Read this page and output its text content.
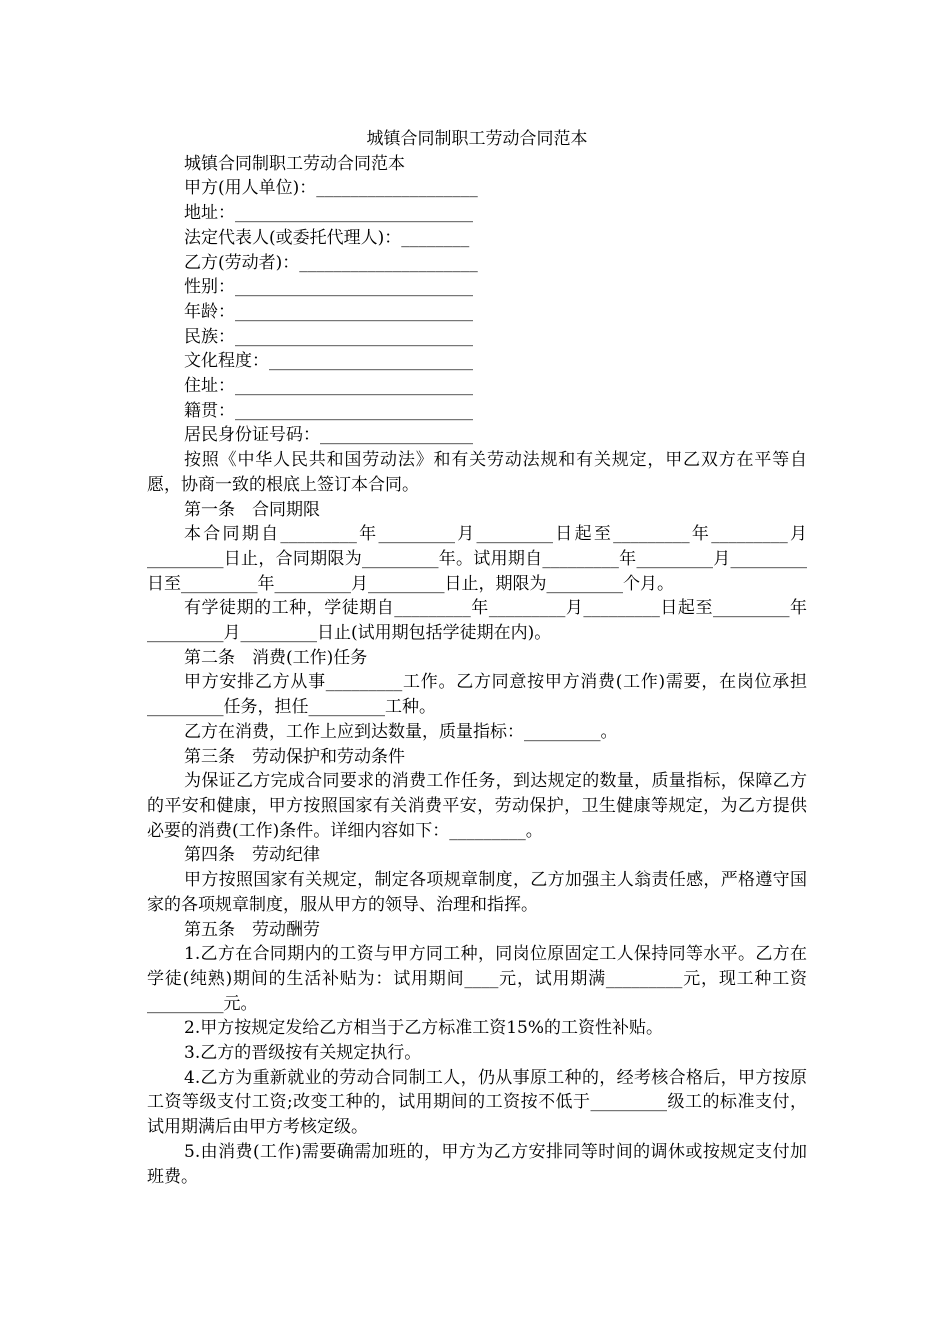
城镇合同制职工劳动合同范本
城镇合同制职工劳动合同范本
甲方(用人单位)：___________________
地址：____________________________
法定代表人(或委托代理人)：________
乙方(劳动者)：_____________________
性别：____________________________
年龄：____________________________
民族：____________________________
文化程度：________________________
住址：____________________________
籍贯：____________________________
居民身份证号码：__________________
按照《中华人民共和国劳动法》和有关劳动法规和有关规定，甲乙双方在平等自愿，协商一致的根底上签订本合同。
第一条　合同期限
本合同期自_________年_________月_________日起至_________年_________月_________日止，合同期限为_________年。试用期自_________年_________月_________日至_________年_________月_________日止，期限为_________个月。
有学徒期的工种，学徒期自_________年_________月_________日起至_________年_________月_________日止(试用期包括学徒期在内)。
第二条　消费(工作)任务
甲方安排乙方从事_________工作。乙方同意按甲方消费(工作)需要，在岗位承担_________任务，担任_________工种。
乙方在消费，工作上应到达数量，质量指标：_________。
第三条　劳动保护和劳动条件
为保证乙方完成合同要求的消费工作任务，到达规定的数量，质量指标，保障乙方的平安和健康，甲方按照国家有关消费平安，劳动保护，卫生健康等规定，为乙方提供必要的消费(工作)条件。详细内容如下：_________。
第四条　劳动纪律
甲方按照国家有关规定，制定各项规章制度，乙方加强主人翁责任感，严格遵守国家的各项规章制度，服从甲方的领导、治理和指挥。
第五条　劳动酬劳
1.乙方在合同期内的工资与甲方同工种，同岗位原固定工人保持同等水平。乙方在学徒(纯熟)期间的生活补贴为：试用期间____元，试用期满_________元，现工种工资_________元。
2.甲方按规定发给乙方相当于乙方标准工资15%的工资性补贴。
3.乙方的晋级按有关规定执行。
4.乙方为重新就业的劳动合同制工人，仍从事原工种的，经考核合格后，甲方按原工资等级支付工资;改变工种的，试用期间的工资按不低于_________级工的标准支付，试用期满后由甲方考核定级。
5.由消费(工作)需要确需加班的，甲方为乙方安排同等时间的调休或按规定支付加班费。
